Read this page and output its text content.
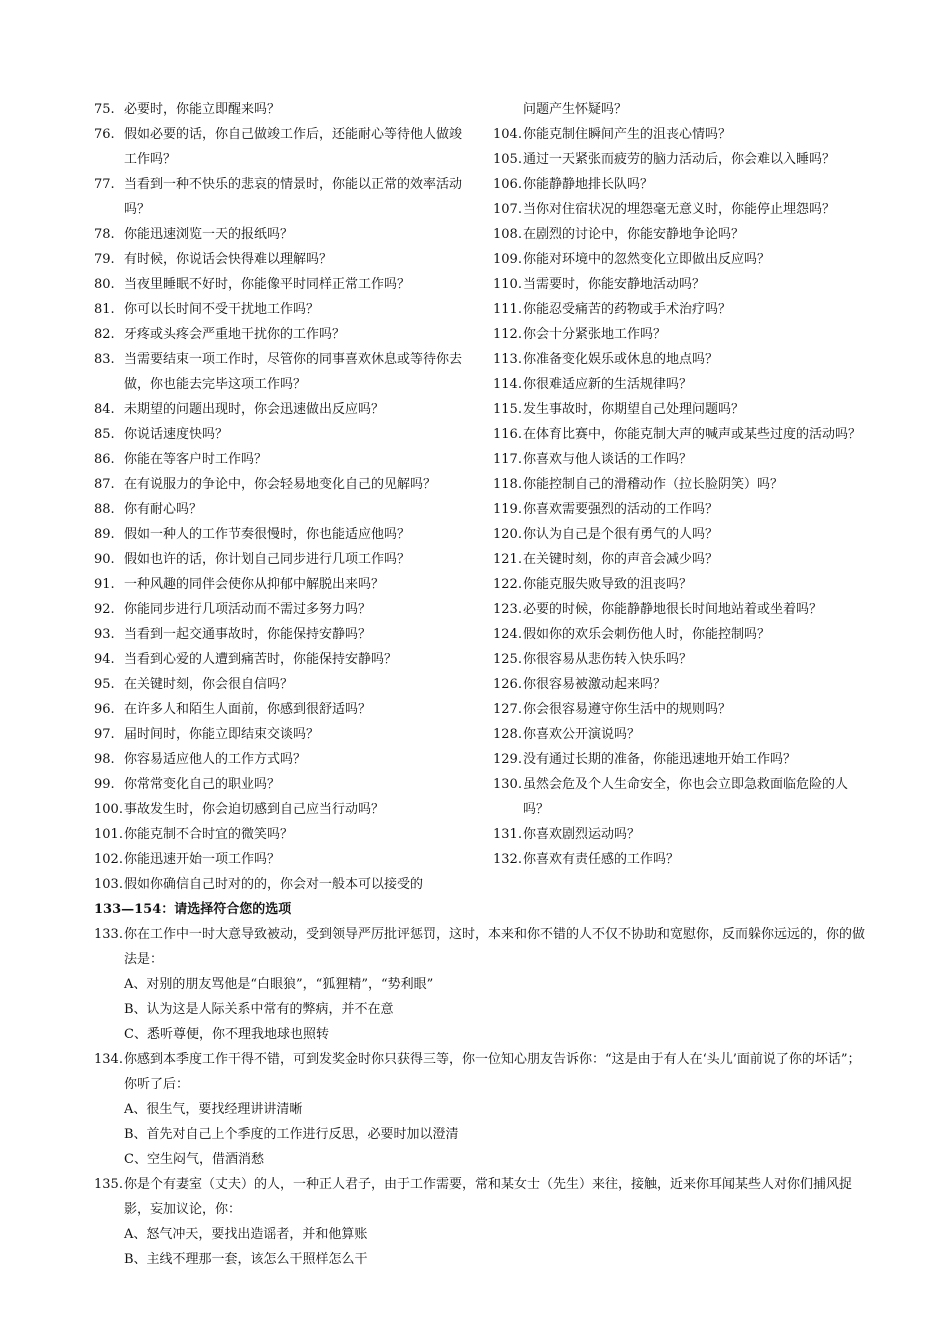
75. 必要时，你能立即醒来吗？
76. 假如必要的话，你自己做竣工作后，还能耐心等待他人做竣工作吗？
77. 当看到一种不快乐的悲哀的情景时，你能以正常的效率活动吗？
78. 你能迅速浏览一天的报纸吗？
79. 有时候，你说话会快得难以理解吗？
80. 当夜里睡眠不好时，你能像平时同样正常工作吗？
81. 你可以长时间不受干扰地工作吗？
82. 牙疼或头疼会严重地干扰你的工作吗？
83. 当需要结束一项工作时，尽管你的同事喜欢休息或等待你去做，你也能去完毕这项工作吗？
84. 未期望的问题出现时，你会迅速做出反应吗？
85. 你说话速度快吗？
86. 你能在等客户时工作吗？
87. 在有说服力的争论中，你会轻易地变化自己的见解吗？
88. 你有耐心吗？
89. 假如一种人的工作节奏很慢时，你也能适应他吗？
90. 假如也许的话，你计划自己同步进行几项工作吗？
91. 一种风趣的同伴会使你从抑郁中解脱出来吗？
92. 你能同步进行几项活动而不需过多努力吗？
93. 当看到一起交通事故时，你能保持安静吗？
94. 当看到心爱的人遭到痛苦时，你能保持安静吗？
95. 在关键时刻，你会很自信吗？
96. 在许多人和陌生人面前，你感到很舒适吗？
97. 届时间时，你能立即结束交谈吗？
98. 你容易适应他人的工作方式吗？
99. 你常常变化自己的职业吗？
100. 事故发生时，你会迫切感到自己应当行动吗？
101. 你能克制不合时宜的微笑吗？
102. 你能迅速开始一项工作吗？
103. 假如你确信自己时对的的，你会对一般本可以接受的
问题产生怀疑吗？
104. 你能克制住瞬间产生的沮丧心情吗？
105. 通过一天紧张而疲劳的脑力活动后，你会难以入睡吗？
106. 你能静静地排长队吗？
107. 当你对住宿状况的埋怨毫无意义时，你能停止埋怨吗？
108. 在剧烈的讨论中，你能安静地争论吗？
109. 你能对环境中的忽然变化立即做出反应吗？
110. 当需要时，你能安静地活动吗？
111. 你能忍受痛苦的药物或手术治疗吗？
112. 你会十分紧张地工作吗？
113. 你准备变化娱乐或休息的地点吗？
114. 你很难适应新的生活规律吗？
115. 发生事故时，你期望自己处理问题吗？
116. 在体育比赛中，你能克制大声的喊声或某些过度的活动吗？
117. 你喜欢与他人谈话的工作吗？
118. 你能控制自己的滑稽动作（拉长脸阴笑）吗？
119. 你喜欢需要强烈的活动的工作吗？
120. 你认为自己是个很有勇气的人吗？
121. 在关键时刻，你的声音会减少吗？
122. 你能克服失败导致的沮丧吗？
123. 必要的时候，你能静静地很长时间地站着或坐着吗？
124. 假如你的欢乐会刺伤他人时，你能控制吗？
125. 你很容易从悲伤转入快乐吗？
126. 你很容易被激动起来吗？
127. 你会很容易遵守你生活中的规则吗？
128. 你喜欢公开演说吗？
129. 没有通过长期的准备，你能迅速地开始工作吗？
130. 虽然会危及个人生命安全，你也会立即急救面临危险的人吗？
131. 你喜欢剧烈运动吗？
132. 你喜欢有责任感的工作吗？
133—154：请选择符合您的选项
133. 你在工作中一时大意导致被动，受到领导严厉批评惩罚，这时，本来和你不错的人不仅不协助和宽慰你，反而躲你远远的，你的做法是：
A、对别的朋友骂他是“白眼狼”，“狐狸精”，“势利眼”
B、认为这是人际关系中常有的弊病，并不在意
C、悉听尊便，你不理我地球也照转
134. 你感到本季度工作干得不错，可到发奖金时你只获得三等，你一位知心朋友告诉你：“这是由于有人在‘头儿’面前说了你的坏话”；你听了后：
A、很生气，要找经理讲讲清晰
B、首先对自己上个季度的工作进行反思，必要时加以澄清
C、空生闷气，借酒消愁
135. 你是个有妻室（丈夫）的人，一种正人君子，由于工作需要，常和某女士（先生）来往，接触，近来你耳闻某些人对你们捕风捉影，妄加议论，你：
A、怒气冲天，要找出造谣者，并和他算账
B、主线不理那一套，该怎么干照样怎么干
